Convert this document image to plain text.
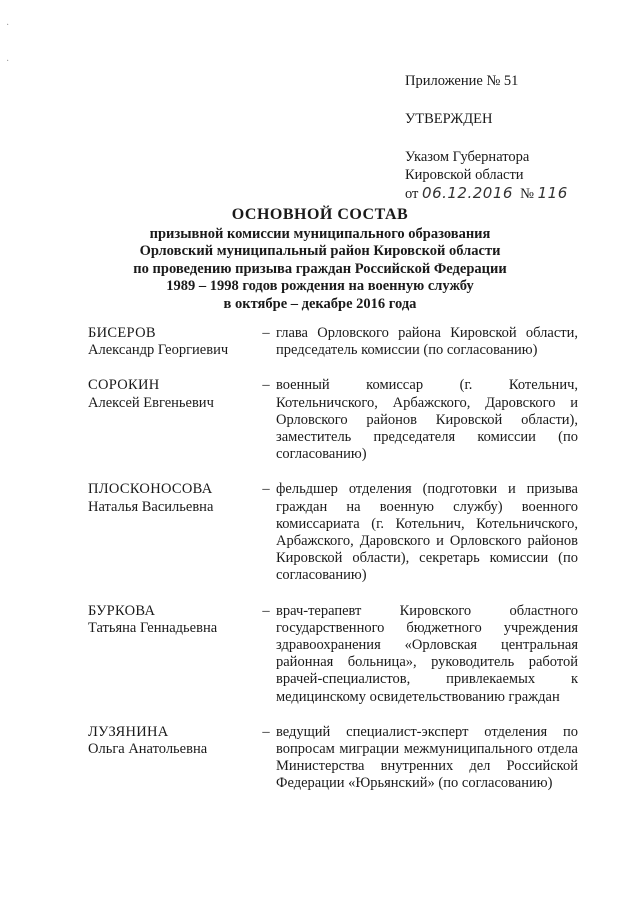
·
·
Приложение № 51
УТВЕРЖДЕН
Указом Губернатора
Кировской области
от 06.12.2016 № 116
ОСНОВНОЙ СОСТАВ
призывной комиссии муниципального образования
Орловский муниципальный район Кировской области
по проведению призыва граждан Российской Федерации
1989 – 1998 годов рождения на военную службу
в октябре – декабре 2016 года
БИСЕРОВ
Александр Георгиевич
– глава Орловского района Кировской области, председатель комиссии (по согласованию)
СОРОКИН
Алексей Евгеньевич
– военный комиссар (г. Котельнич, Котельничского, Арбажского, Даровского и Орловского районов Кировской области), заместитель председателя комиссии (по согласованию)
ПЛОСКОНОСОВА
Наталья Васильевна
– фельдшер отделения (подготовки и призыва граждан на военную службу) военного комиссариата (г. Котельнич, Котельничского, Арбажского, Даровского и Орловского районов Кировской области), секретарь комиссии (по согласованию)
БУРКОВА
Татьяна Геннадьевна
– врач-терапевт Кировского областного государственного бюджетного учреждения здравоохранения «Орловская центральная районная больница», руководитель работой врачей-специалистов, привлекаемых к медицинскому освидетельствованию граждан
ЛУЗЯНИНА
Ольга Анатольевна
– ведущий специалист-эксперт отделения по вопросам миграции межмуниципального отдела Министерства внутренних дел Российской Федерации «Юрьянский» (по согласованию)
